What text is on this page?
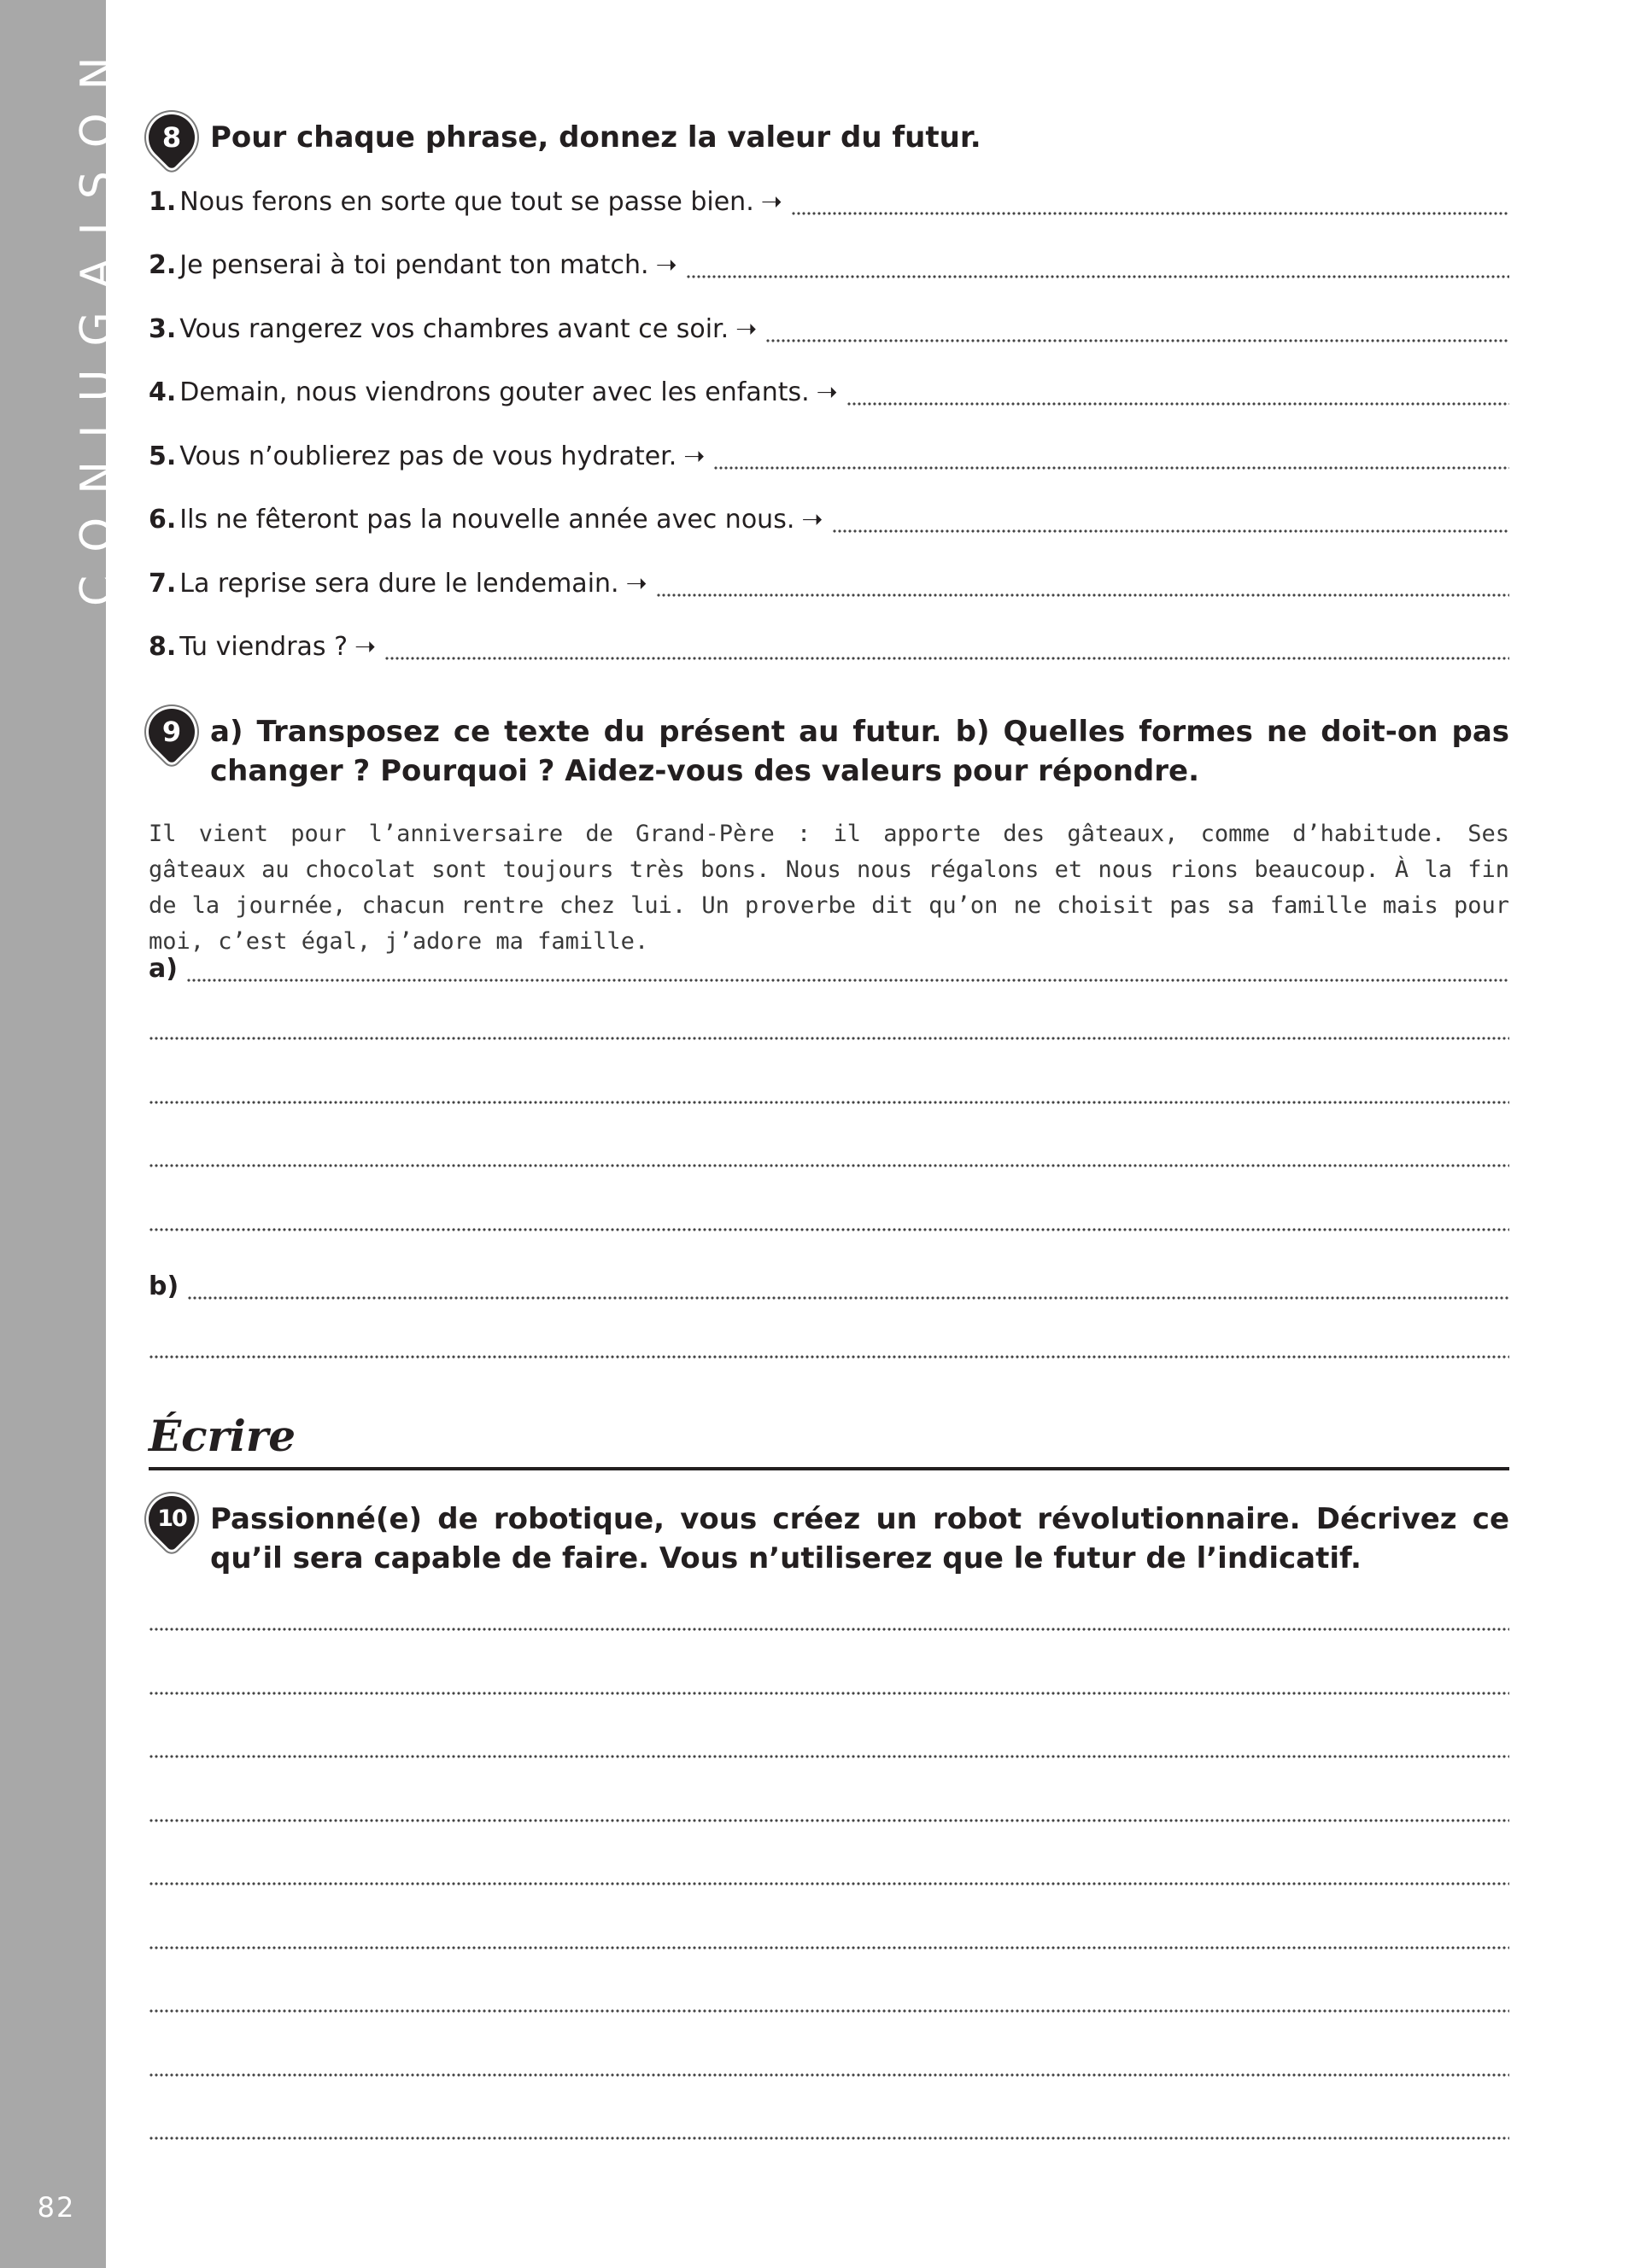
CONJUGAISON
82
8 Pour chaque phrase, donnez la valeur du futur.
1. Nous ferons en sorte que tout se passe bien. ➝
2. Je penserai à toi pendant ton match. ➝
3. Vous rangerez vos chambres avant ce soir. ➝
4. Demain, nous viendrons gouter avec les enfants. ➝
5. Vous n’oublierez pas de vous hydrater. ➝
6. Ils ne fêteront pas la nouvelle année avec nous. ➝
7. La reprise sera dure le lendemain. ➝
8. Tu viendras ? ➝
9 a) Transposez ce texte du présent au futur. b) Quelles formes ne doit-on pas changer ? Pourquoi ? Aidez-vous des valeurs pour répondre.
Il vient pour l’anniversaire de Grand-Père : il apporte des gâteaux, comme d’habitude. Ses gâteaux au chocolat sont toujours très bons. Nous nous régalons et nous rions beaucoup. À la fin de la journée, chacun rentre chez lui. Un proverbe dit qu’on ne choisit pas sa famille mais pour moi, c’est égal, j’adore ma famille.
a)
b)
Écrire
10 Passionné(e) de robotique, vous créez un robot révolutionnaire. Décrivez ce qu’il sera capable de faire. Vous n’utiliserez que le futur de l’indicatif.
